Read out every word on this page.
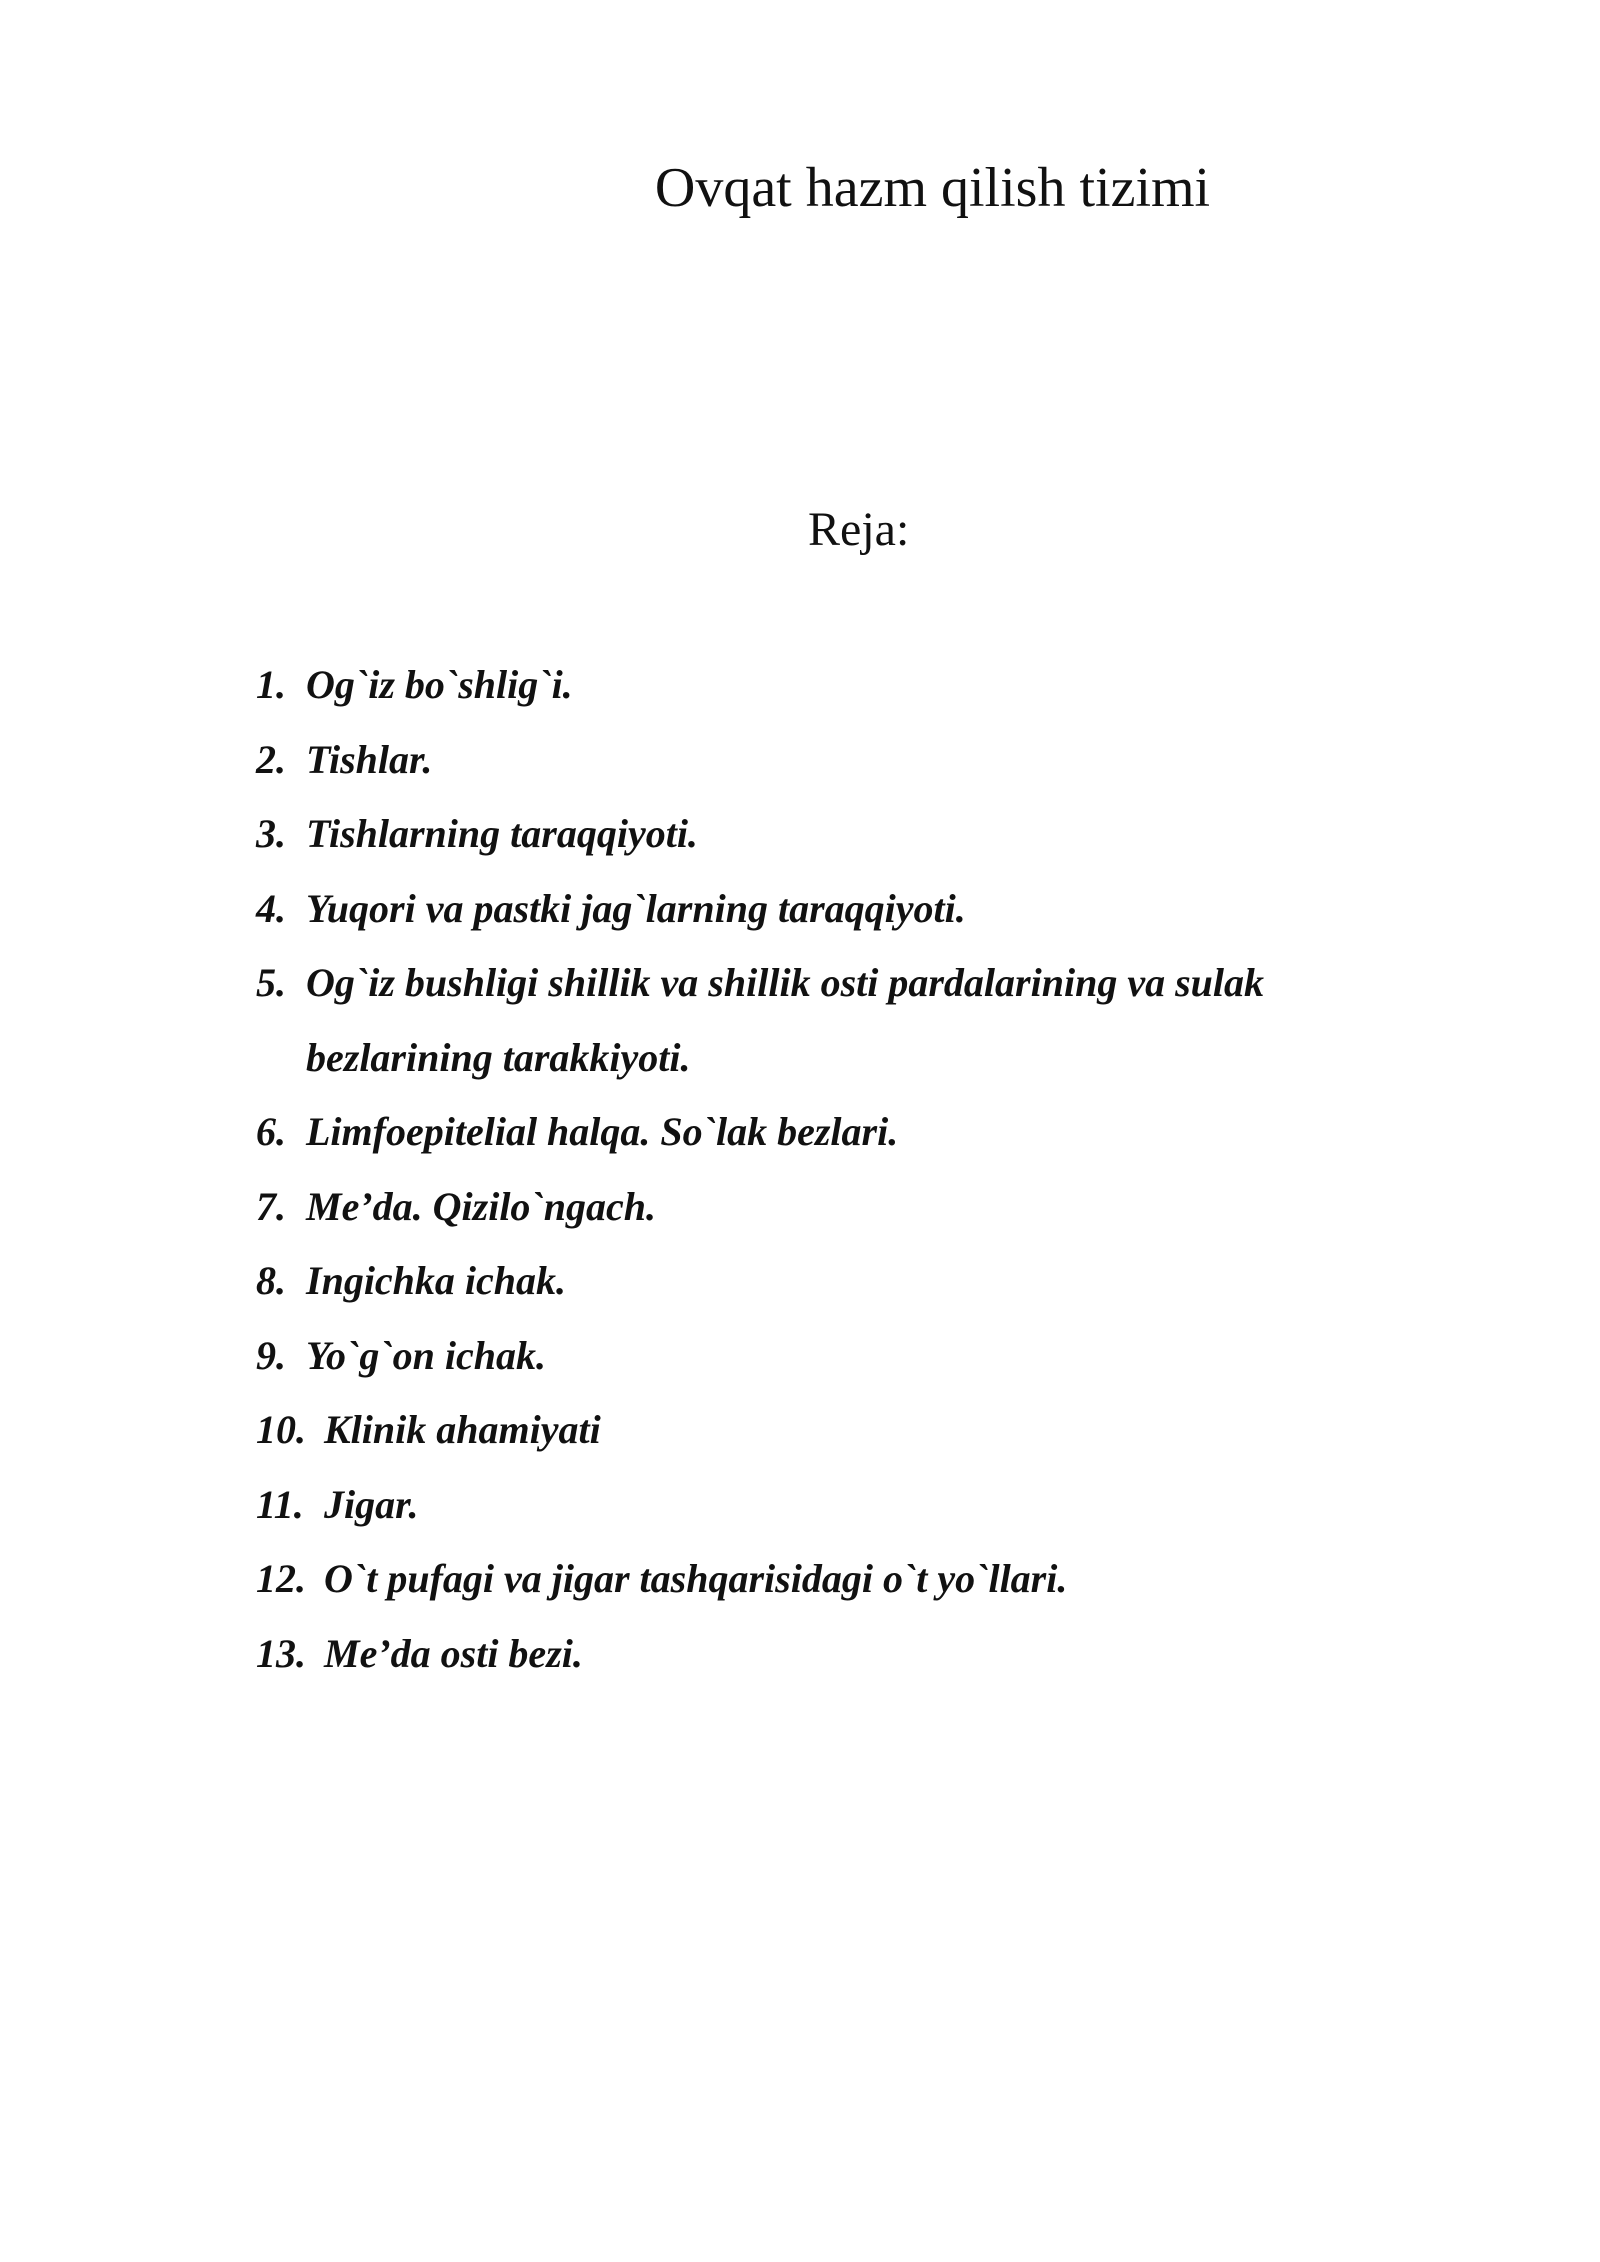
Ovqat hazm qilish tizimi

Reja:

1. Og`iz bo`shlig`i.
2. Tishlar.
3. Tishlarning taraqqiyoti.
4. Yuqori va pastki jag`larning taraqqiyoti.
5. Og`iz bushligi shillik va shillik osti pardalarining va sulak bezlarining tarakkiyoti.
6. Limfoepitelial halqa. So`lak bezlari.
7. Me’da. Qizilo`ngach.
8. Ingichka ichak.
9. Yo`g`on ichak.
10. Klinik ahamiyati
11. Jigar.
12. O`t pufagi va jigar tashqarisidagi o`t yo`llari.
13. Me’da osti bezi.
